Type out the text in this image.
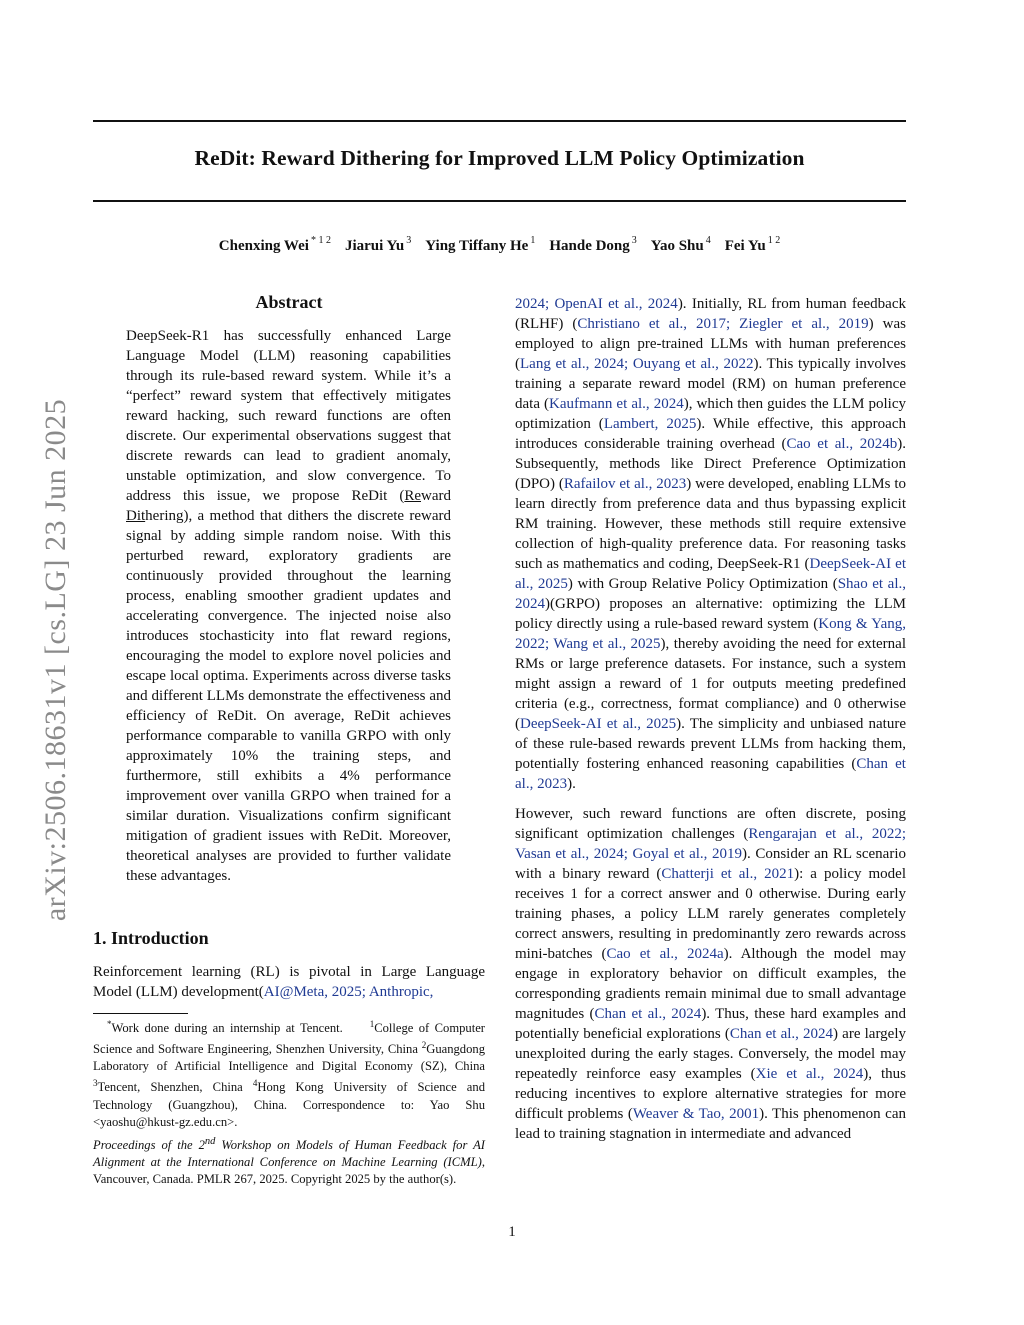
arXiv:2506.18631v1 [cs.LG] 23 Jun 2025
ReDit: Reward Dithering for Improved LLM Policy Optimization
Chenxing Wei $^{* 1 2}$ Jiarui Yu $^3$ Ying Tiffany He $^1$ Hande Dong $^3$ Yao Shu $^4$ Fei Yu $^{1 2}$
Abstract

DeepSeek-R1 has successfully enhanced Large Language Model (LLM) reasoning capabilities through its rule-based reward system. While it’s a “perfect” reward system that effectively mitigates reward hacking, such reward functions are often discrete. Our experimental observations suggest that discrete rewards can lead to gradient anomaly, unstable optimization, and slow convergence. To address this issue, we propose ReDit (Reward Dithering), a method that dithers the discrete reward signal by adding simple random noise. With this perturbed reward, exploratory gradients are continuously provided throughout the learning process, enabling smoother gradient updates and accelerating convergence. The injected noise also introduces stochasticity into flat reward regions, encouraging the model to explore novel policies and escape local optima. Experiments across diverse tasks and different LLMs demonstrate the effectiveness and efficiency of ReDit. On average, ReDit achieves performance comparable to vanilla GRPO with only approximately 10% the training steps, and furthermore, still exhibits a 4% performance improvement over vanilla GRPO when trained for a similar duration. Visualizations confirm significant mitigation of gradient issues with ReDit. Moreover, theoretical analyses are provided to further validate these advantages.

1. Introduction

Reinforcement learning (RL) is pivotal in Large Language Model (LLM) development(AI@Meta, 2025; Anthropic,

*Work done during an internship at Tencent.	$^1$College of Computer Science and Software Engineering, Shenzhen University, China $^2$Guangdong Laboratory of Artificial Intelligence and Digital Economy (SZ), China $^3$Tencent, Shenzhen, China $^4$Hong Kong University of Science and Technology (Guangzhou), China. Correspondence to: Yao Shu <yaoshu@hkust-gz.edu.cn>.
Proceedings of the 2nd Workshop on Models of Human Feedback for AI Alignment at the International Conference on Machine Learning (ICML), Vancouver, Canada. PMLR 267, 2025. Copyright 2025 by the author(s).

2024; OpenAI et al., 2024). Initially, RL from human feedback (RLHF) (Christiano et al., 2017; Ziegler et al., 2019) was employed to align pre-trained LLMs with human preferences (Lang et al., 2024; Ouyang et al., 2022). This typically involves training a separate reward model (RM) on human preference data (Kaufmann et al., 2024), which then guides the LLM policy optimization (Lambert, 2025). While effective, this approach introduces considerable training overhead (Cao et al., 2024b). Subsequently, methods like Direct Preference Optimization (DPO) (Rafailov et al., 2023) were developed, enabling LLMs to learn directly from preference data and thus bypassing explicit RM training. However, these methods still require extensive collection of high-quality preference data. For reasoning tasks such as mathematics and coding, DeepSeek-R1 (DeepSeek-AI et al., 2025) with Group Relative Policy Optimization (Shao et al., 2024)(GRPO) proposes an alternative: optimizing the LLM policy directly using a rule-based reward system (Kong & Yang, 2022; Wang et al., 2025), thereby avoiding the need for external RMs or large preference datasets. For instance, such a system might assign a reward of 1 for outputs meeting predefined criteria (e.g., correctness, format compliance) and 0 otherwise (DeepSeek-AI et al., 2025). The simplicity and unbiased nature of these rule-based rewards prevent LLMs from hacking them, potentially fostering enhanced reasoning capabilities (Chan et al., 2023).

However, such reward functions are often discrete, posing significant optimization challenges (Rengarajan et al., 2022; Vasan et al., 2024; Goyal et al., 2019). Consider an RL scenario with a binary reward (Chatterji et al., 2021): a policy model receives 1 for a correct answer and 0 otherwise. During early training phases, a policy LLM rarely generates completely correct answers, resulting in predominantly zero rewards across mini-batches (Cao et al., 2024a). Although the model may engage in exploratory behavior on difficult examples, the corresponding gradients remain minimal due to small advantage magnitudes (Chan et al., 2024). Thus, these hard examples and potentially beneficial explorations (Chan et al., 2024) are largely unexploited during the early stages. Conversely, the model may repeatedly reinforce easy examples (Xie et al., 2024), thus reducing incentives to explore alternative strategies for more difficult problems (Weaver & Tao, 2001). This phenomenon can lead to training stagnation in intermediate and advanced

1
